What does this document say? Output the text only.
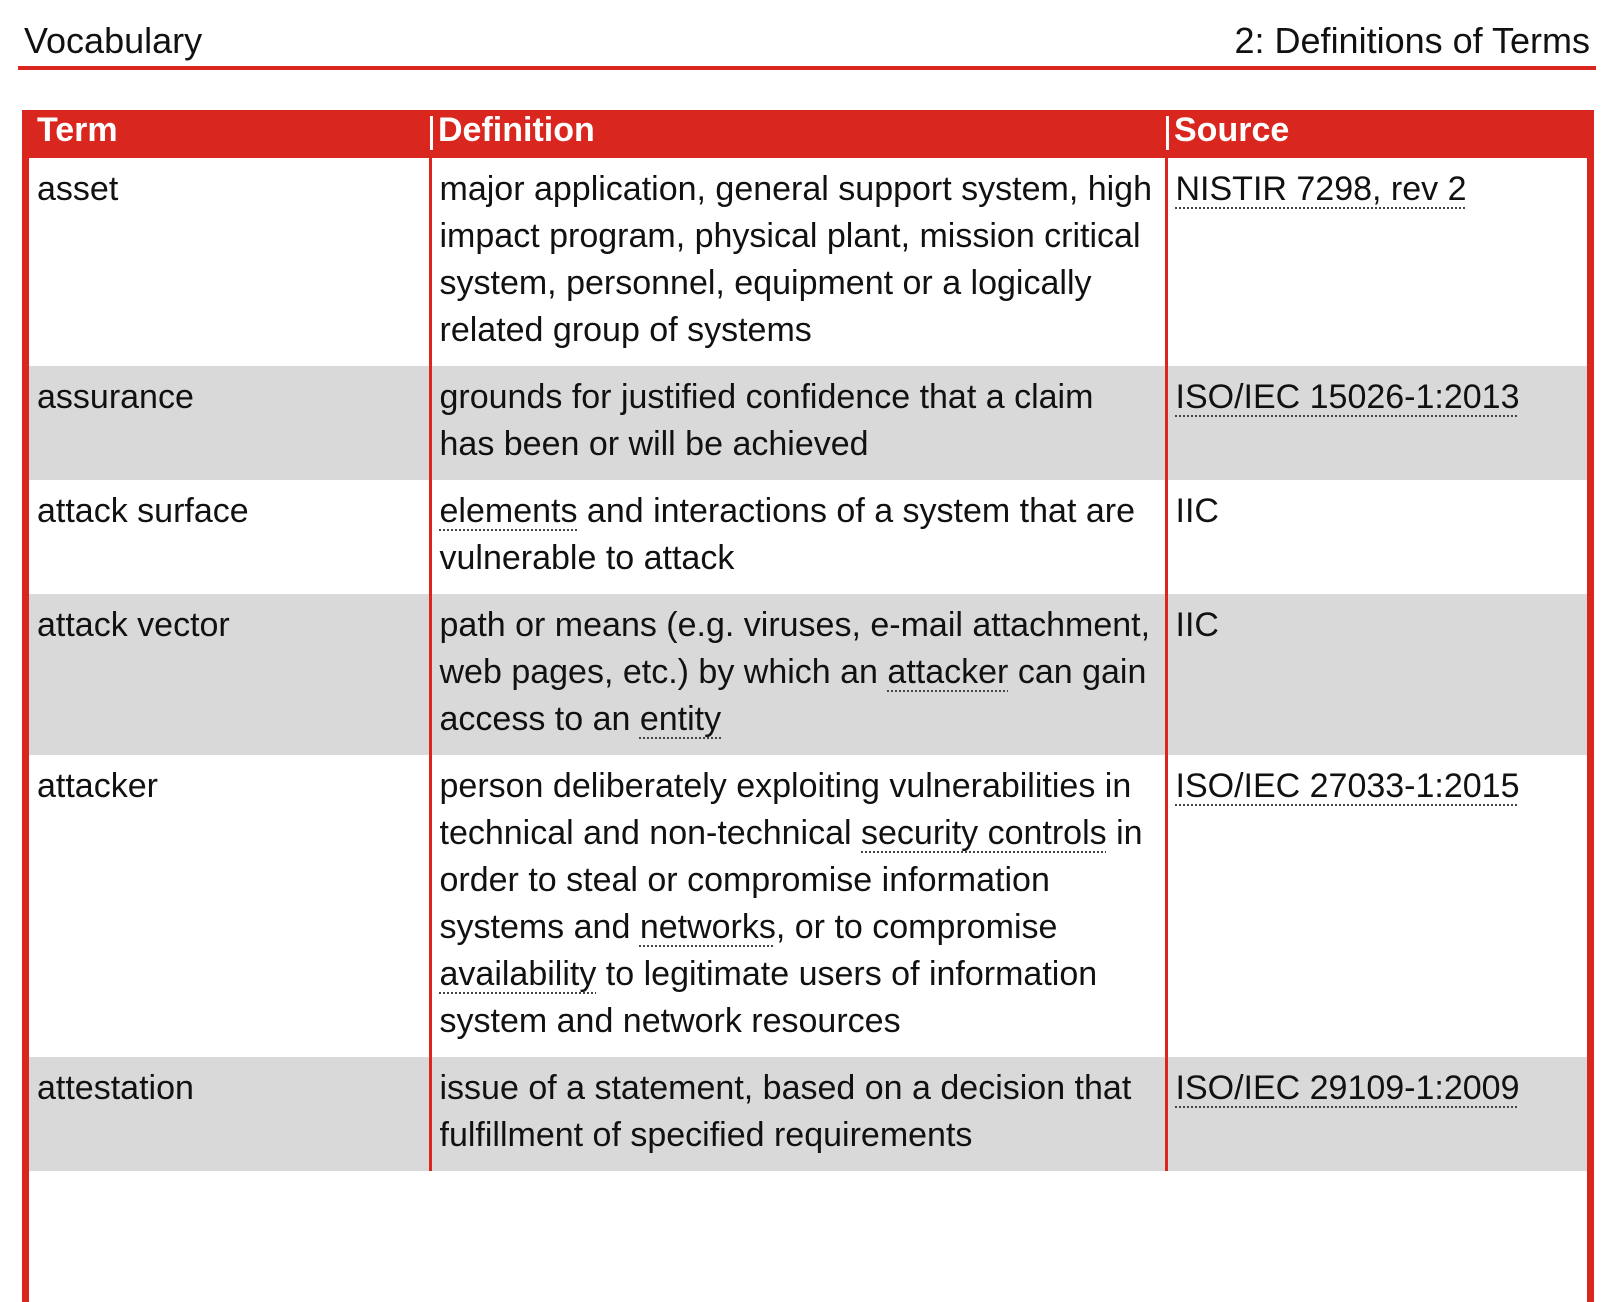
Vocabulary	2: Definitions of Terms
Term	Definition	Source
asset	major application, general support system, high impact program, physical plant, mission critical system, personnel, equipment or a logically related group of systems	NISTIR 7298, rev 2
assurance	grounds for justified confidence that a claim has been or will be achieved	ISO/IEC 15026-1:2013
attack surface	elements and interactions of a system that are vulnerable to attack	IIC
attack vector	path or means (e.g. viruses, e-mail attachment, web pages, etc.) by which an attacker can gain access to an entity	IIC
attacker	person deliberately exploiting vulnerabilities in technical and non-technical security controls in order to steal or compromise information systems and networks, or to compromise availability to legitimate users of information system and network resources	ISO/IEC 27033-1:2015
attestation	issue of a statement, based on a decision that fulfillment of specified requirements	ISO/IEC 29109-1:2009
